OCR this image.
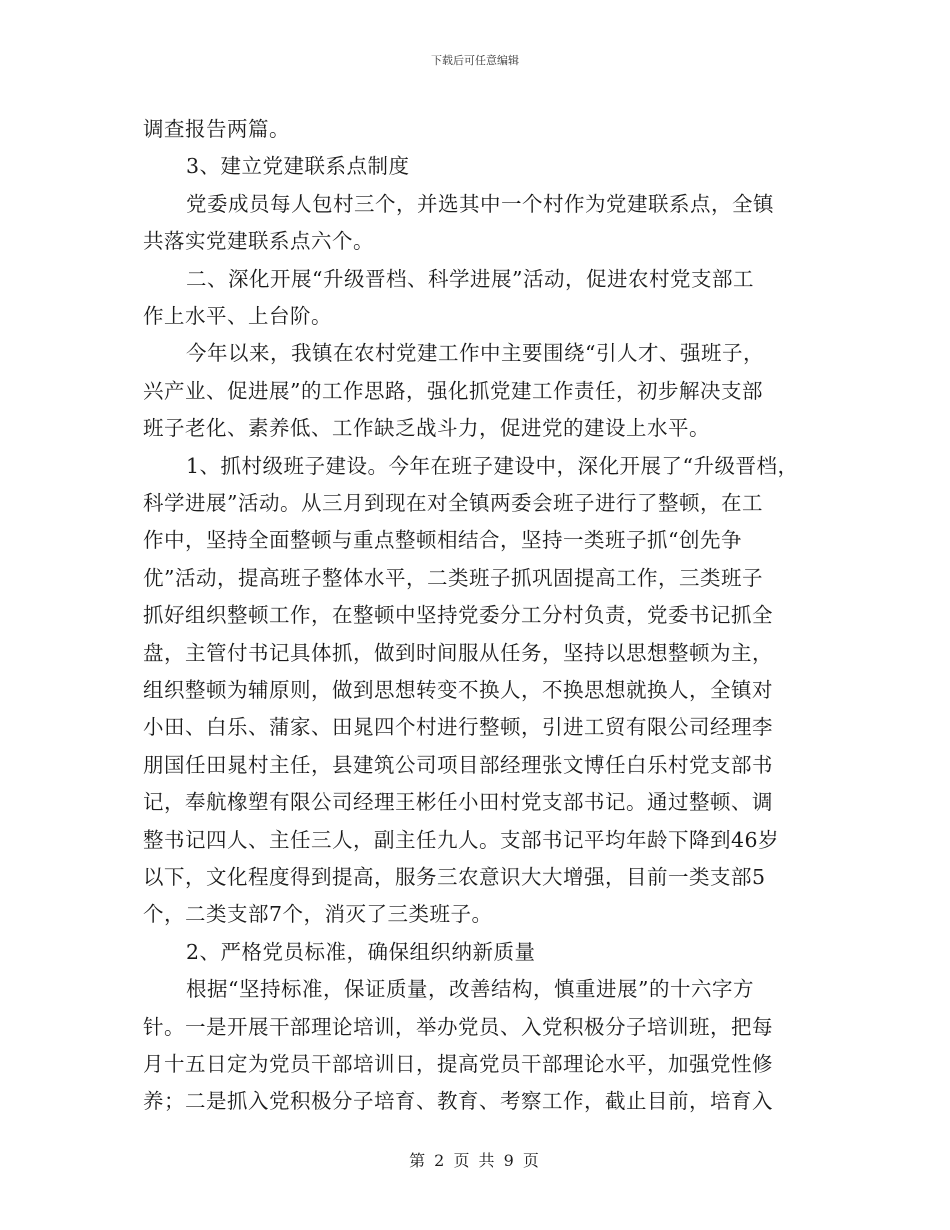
下载后可任意编辑
调查报告两篇。
3、建立党建联系点制度
党委成员每人包村三个，并选其中一个村作为党建联系点，全镇
共落实党建联系点六个。
二、深化开展“升级晋档、科学进展”活动，促进农村党支部工
作上水平、上台阶。
今年以来，我镇在农村党建工作中主要围绕“引人才、强班子，
兴产业、促进展”的工作思路，强化抓党建工作责任，初步解决支部
班子老化、素养低、工作缺乏战斗力，促进党的建设上水平。
1、抓村级班子建设。今年在班子建设中，深化开展了“升级晋档，
科学进展”活动。从三月到现在对全镇两委会班子进行了整顿，在工
作中，坚持全面整顿与重点整顿相结合，坚持一类班子抓“创先争
优”活动，提高班子整体水平，二类班子抓巩固提高工作，三类班子
抓好组织整顿工作，在整顿中坚持党委分工分村负责，党委书记抓全
盘，主管付书记具体抓，做到时间服从任务，坚持以思想整顿为主，
组织整顿为辅原则，做到思想转变不换人，不换思想就换人，全镇对
小田、白乐、蒲家、田晁四个村进行整顿，引进工贸有限公司经理李
朋国任田晁村主任，县建筑公司项目部经理张文博任白乐村党支部书
记，奉航橡塑有限公司经理王彬任小田村党支部书记。通过整顿、调
整书记四人、主任三人，副主任九人。支部书记平均年龄下降到46岁
以下，文化程度得到提高，服务三农意识大大增强，目前一类支部5
个，二类支部7个，消灭了三类班子。
2、严格党员标准，确保组织纳新质量
根据“坚持标准，保证质量，改善结构，慎重进展”的十六字方
针。一是开展干部理论培训，举办党员、入党积极分子培训班，把每
月十五日定为党员干部培训日，提高党员干部理论水平，加强党性修
养；二是抓入党积极分子培育、教育、考察工作，截止目前，培育入
第 2 页 共 9 页
